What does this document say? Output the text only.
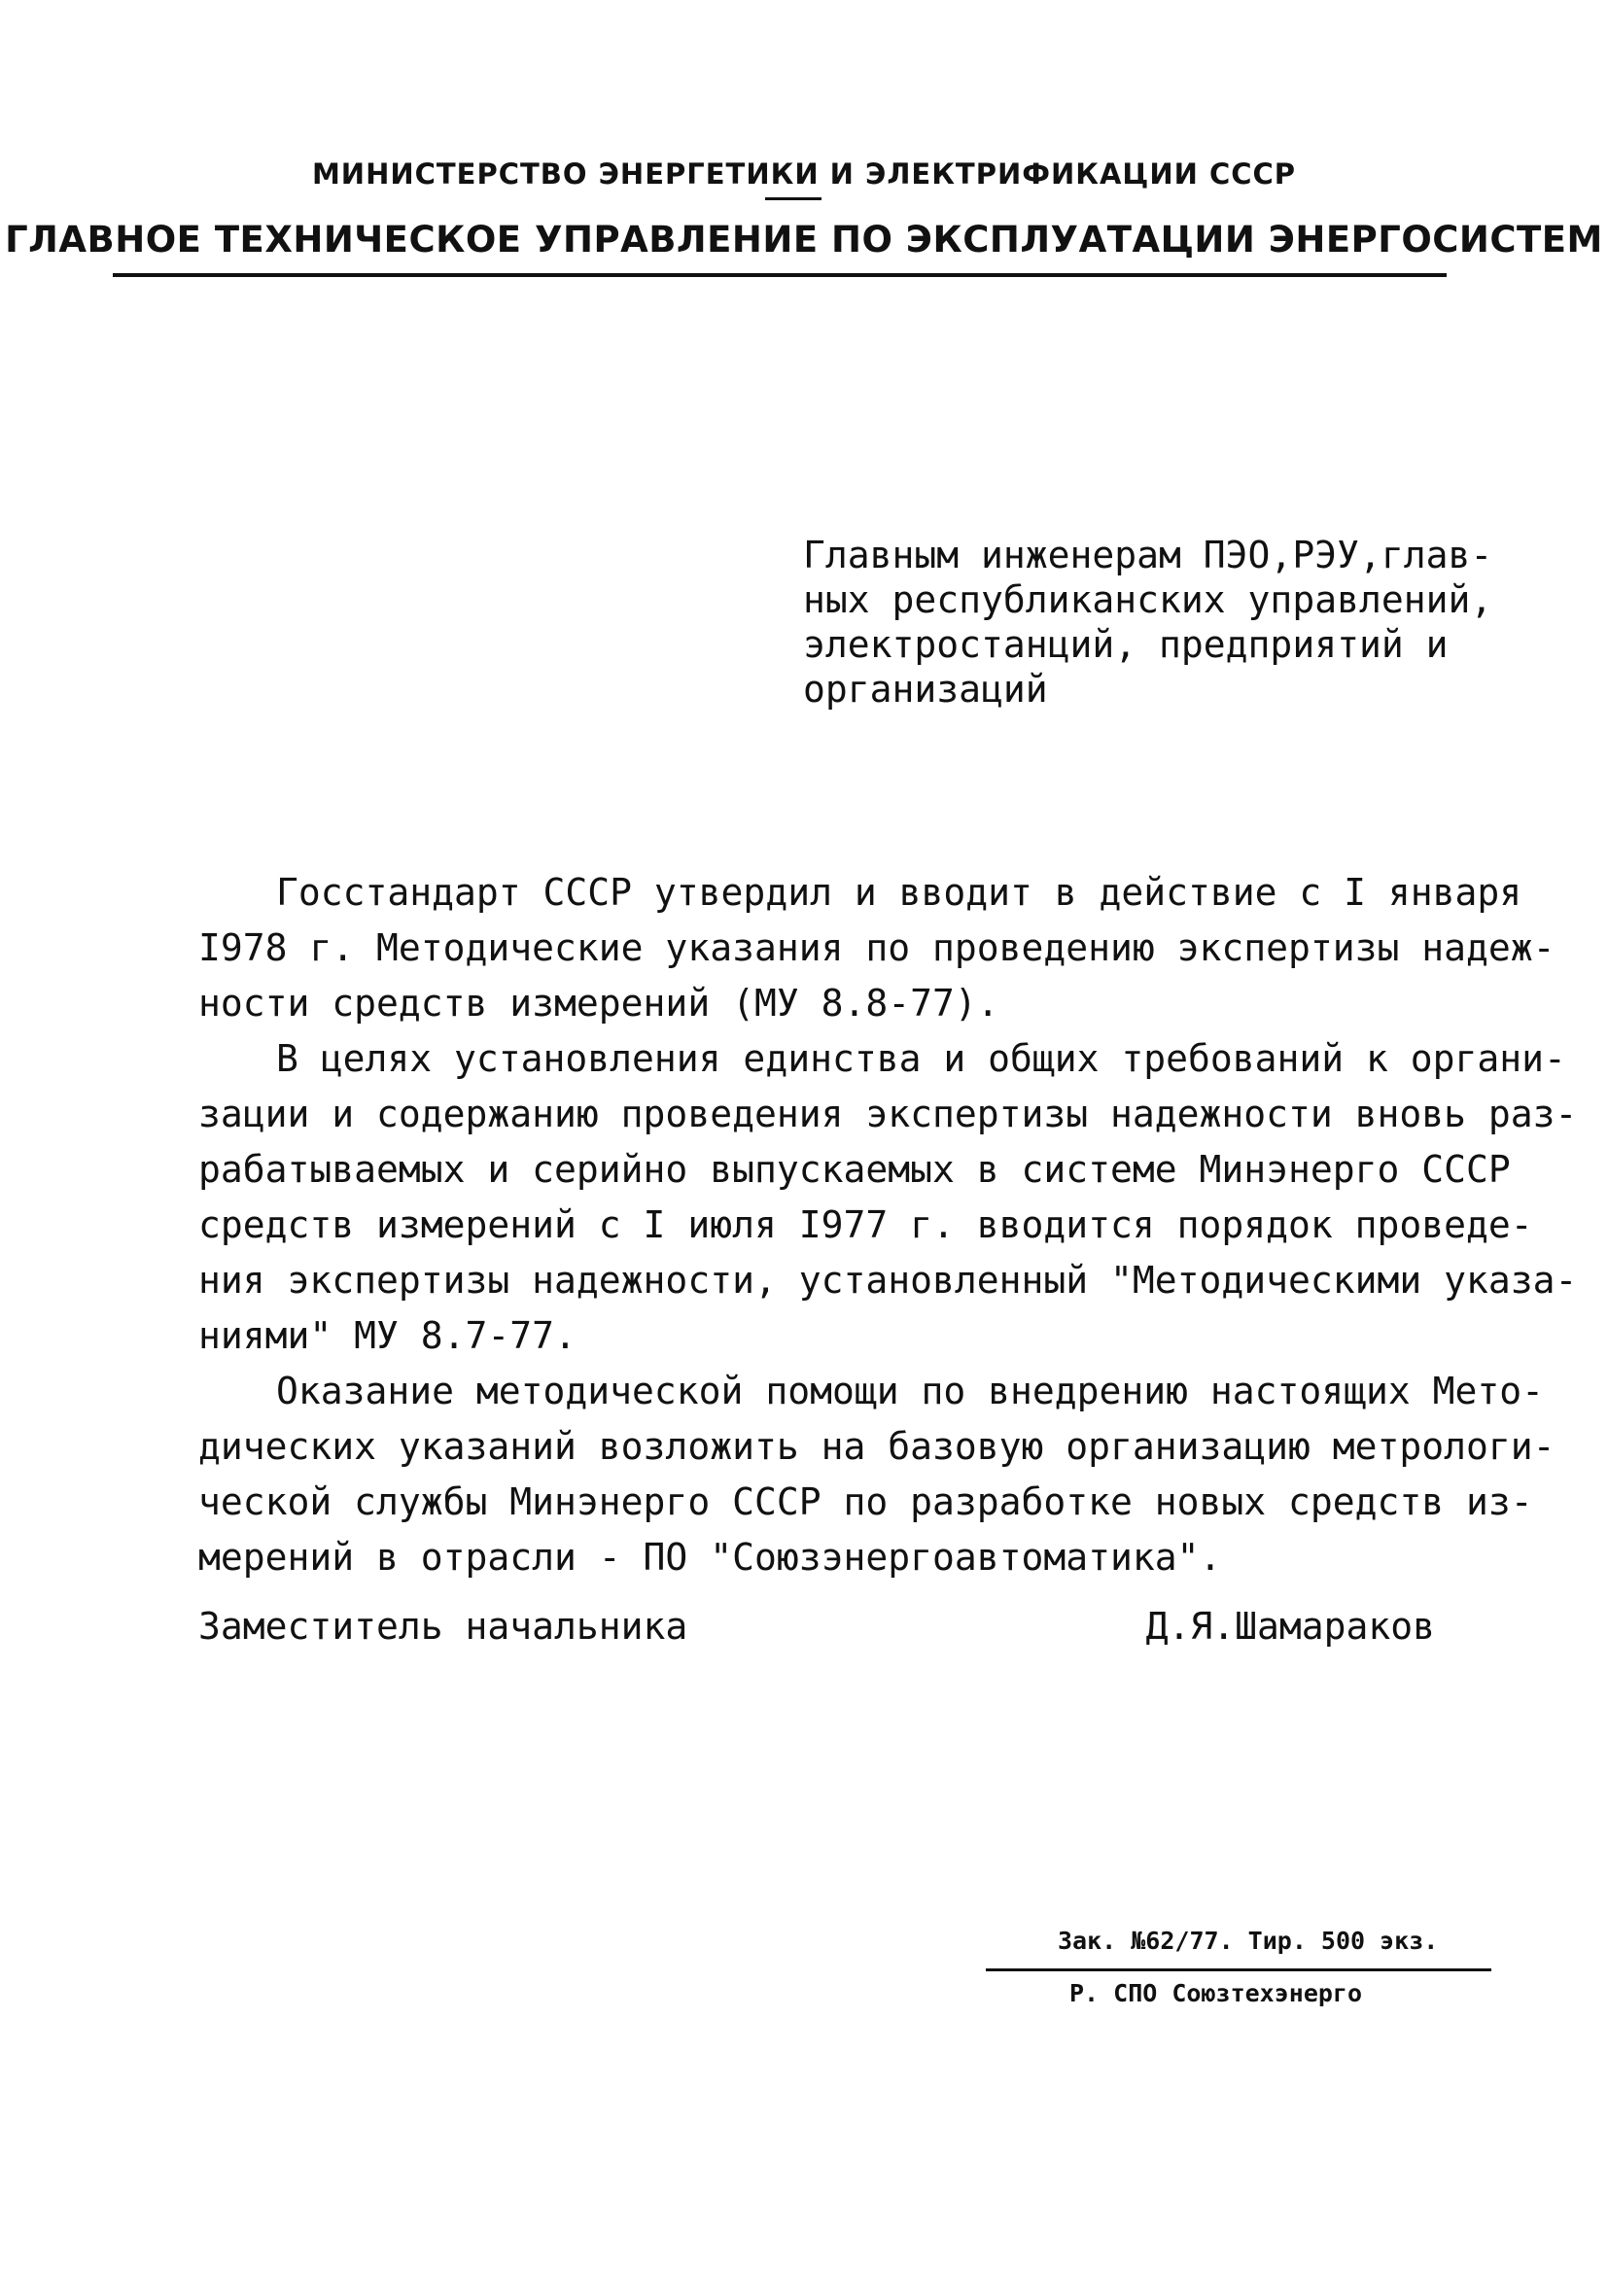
МИНИСТЕРСТВО ЭНЕРГЕТИКИ И ЭЛЕКТРИФИКАЦИИ СССР
ГЛАВНОЕ ТЕХНИЧЕСКОЕ УПРАВЛЕНИЕ ПО ЭКСПЛУАТАЦИИ ЭНЕРГОСИСТЕМ
Главным инженерам ПЭО,РЭУ,глав-
ных республиканских управлений,
электростанций, предприятий и
организаций
Госстандарт СССР утвердил и вводит в действие с I января
I978 г. Методические указания по проведению экспертизы надеж-
ности средств измерений (МУ 8.8-77).
В целях установления единства и общих требований к органи-
зации и содержанию проведения экспертизы надежности вновь раз-
рабатываемых и серийно выпускаемых в системе Минэнерго СССР
средств измерений с I июля I977 г. вводится порядок проведе-
ния экспертизы надежности, установленный "Методическими указа-
ниями" МУ 8.7-77.
Оказание методической помощи по внедрению настоящих Мето-
дических указаний возложить на базовую организацию метрологи-
ческой службы Минэнерго СССР по разработке новых средств из-
мерений в отрасли - ПО "Союзэнергоавтоматика".
Заместитель начальника	Д.Я.Шамараков
Зак. №62/77. Тир. 500 экз.
Р. СПО Союзтехэнерго
